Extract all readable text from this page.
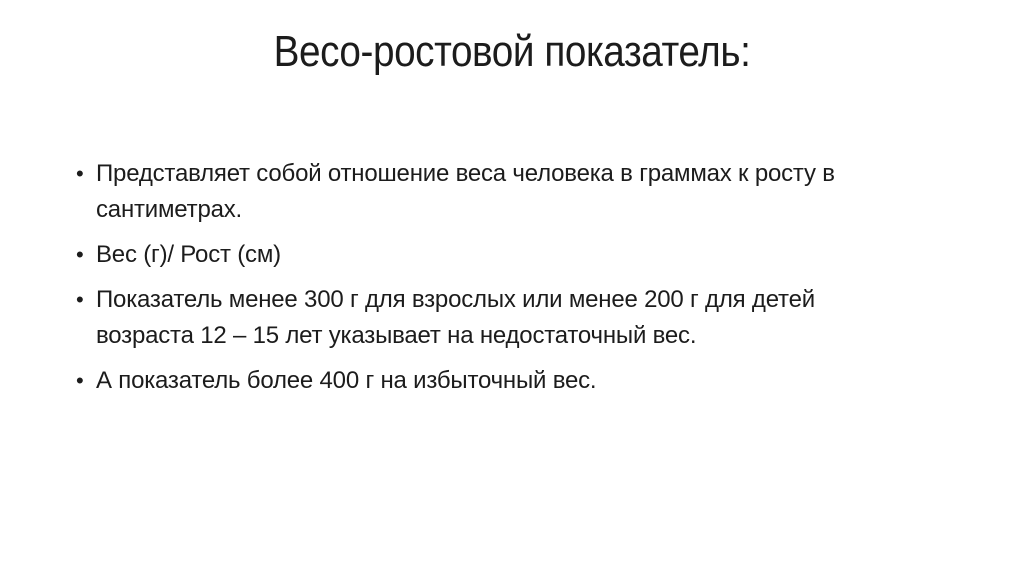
Весо-ростовой показатель:
• Представляет собой отношение веса человека в граммах к росту в
сантиметрах.
• Вес (г)/ Рост (см)
• Показатель менее 300 г для взрослых или менее 200 г для детей
возраста 12 – 15 лет указывает на недостаточный вес.
• А показатель более 400 г на избыточный вес.
